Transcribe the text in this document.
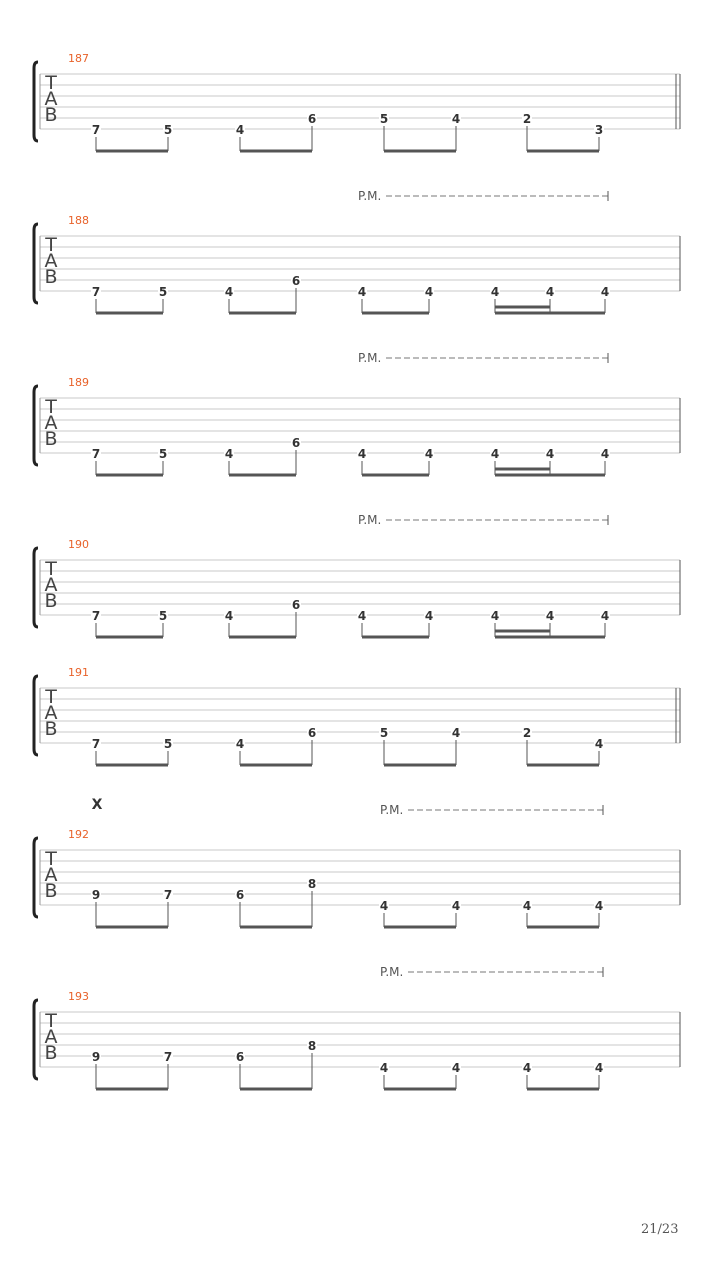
T
A
B
187
7	5	4
6	5	4	2
3
T
A
B
188
P.M.
7	5	4
6
4	4	4	4	4
T
A
B
189
P.M.
7	5	4
6
4	4	4	4	4
T
A
B
190
P.M.
7	5	4
6
4	4	4	4	4
T
A
B
191
7	5	4
6	5	4	2
4
T
A
B
192
X	P.M.
9	7	6
8
4	4	4	4
T
A
B
193
P.M.
9	7	6
8
4	4	4	4
21/23
